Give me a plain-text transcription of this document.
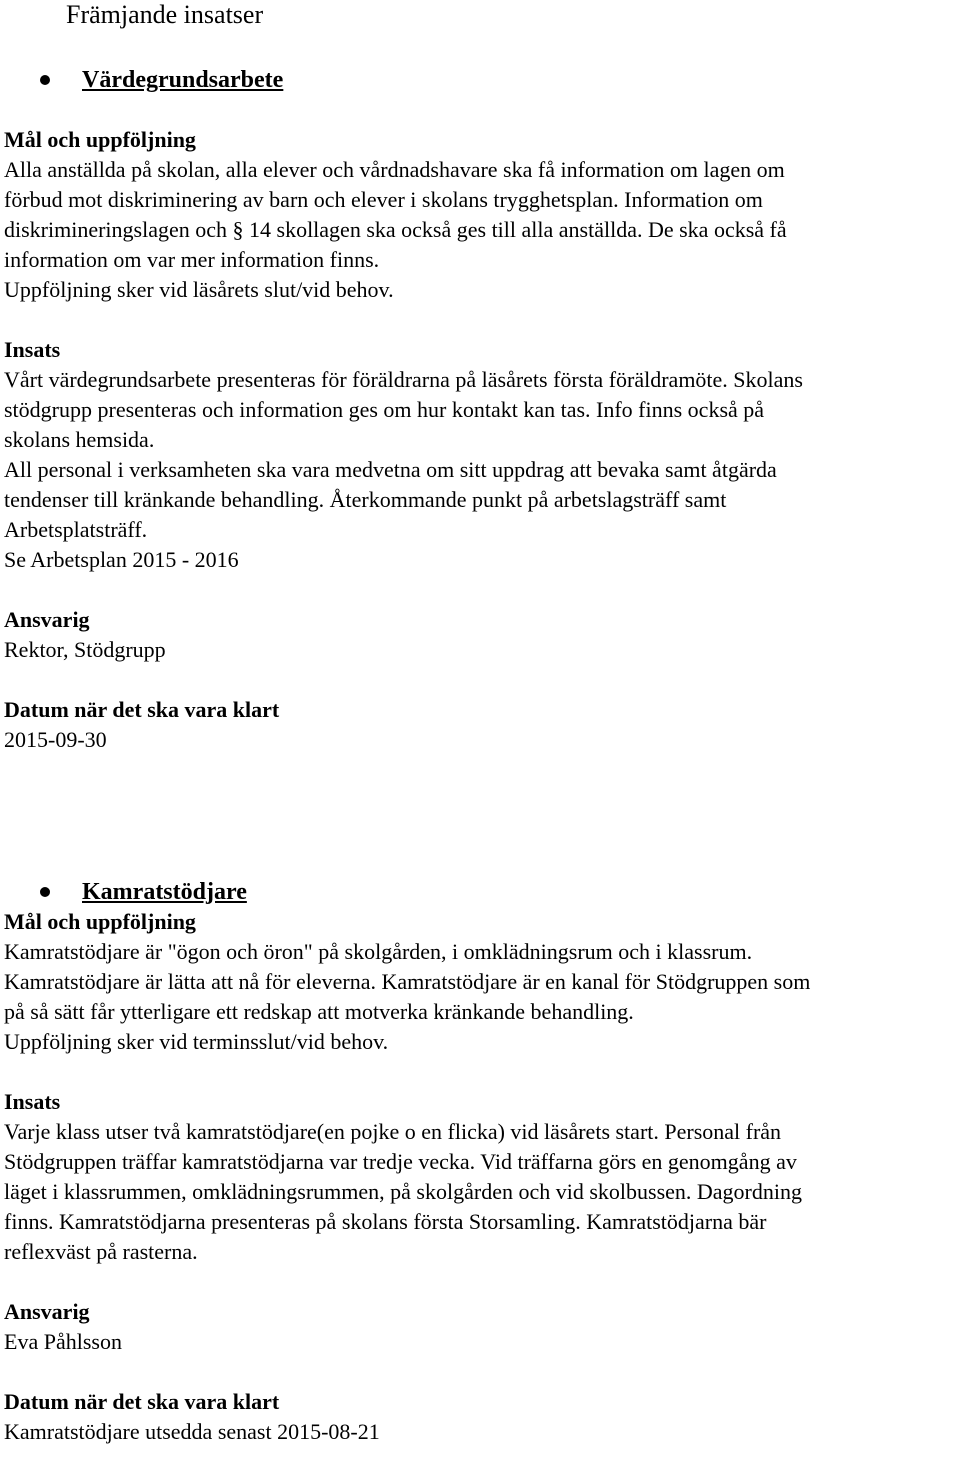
Främjande insatser
Värdegrundsarbete
Mål och uppföljning
Alla anställda på skolan, alla elever och vårdnadshavare ska få information om lagen om
förbud mot diskriminering av barn och elever i skolans trygghetsplan. Information om
diskrimineringslagen och § 14 skollagen ska också ges till alla anställda. De ska också få
information om var mer information finns.
Uppföljning sker vid läsårets slut/vid behov.
Insats
Vårt värdegrundsarbete presenteras för föräldrarna på läsårets första föräldramöte. Skolans
stödgrupp presenteras och information ges om hur kontakt kan tas. Info finns också på
skolans hemsida.
All personal i verksamheten ska vara medvetna om sitt uppdrag att bevaka samt åtgärda
tendenser till kränkande behandling. Återkommande punkt på arbetslagsträff samt
Arbetsplatsträff.
Se Arbetsplan 2015 - 2016
Ansvarig
Rektor, Stödgrupp
Datum när det ska vara klart
2015-09-30
Kamratstödjare
Mål och uppföljning
Kamratstödjare är "ögon och öron" på skolgården, i omklädningsrum och i klassrum.
Kamratstödjare är lätta att nå för eleverna. Kamratstödjare är en kanal för Stödgruppen som
på så sätt får ytterligare ett redskap att motverka kränkande behandling.
Uppföljning sker vid terminsslut/vid behov.
Insats
Varje klass utser två kamratstödjare(en pojke o en flicka) vid läsårets start. Personal från
Stödgruppen träffar kamratstödjarna var tredje vecka. Vid träffarna görs en genomgång av
läget i klassrummen, omklädningsrummen, på skolgården och vid skolbussen. Dagordning
finns. Kamratstödjarna presenteras på skolans första Storsamling. Kamratstödjarna bär
reflexväst på rasterna.
Ansvarig
Eva Påhlsson
Datum när det ska vara klart
Kamratstödjare utsedda senast 2015-08-21
